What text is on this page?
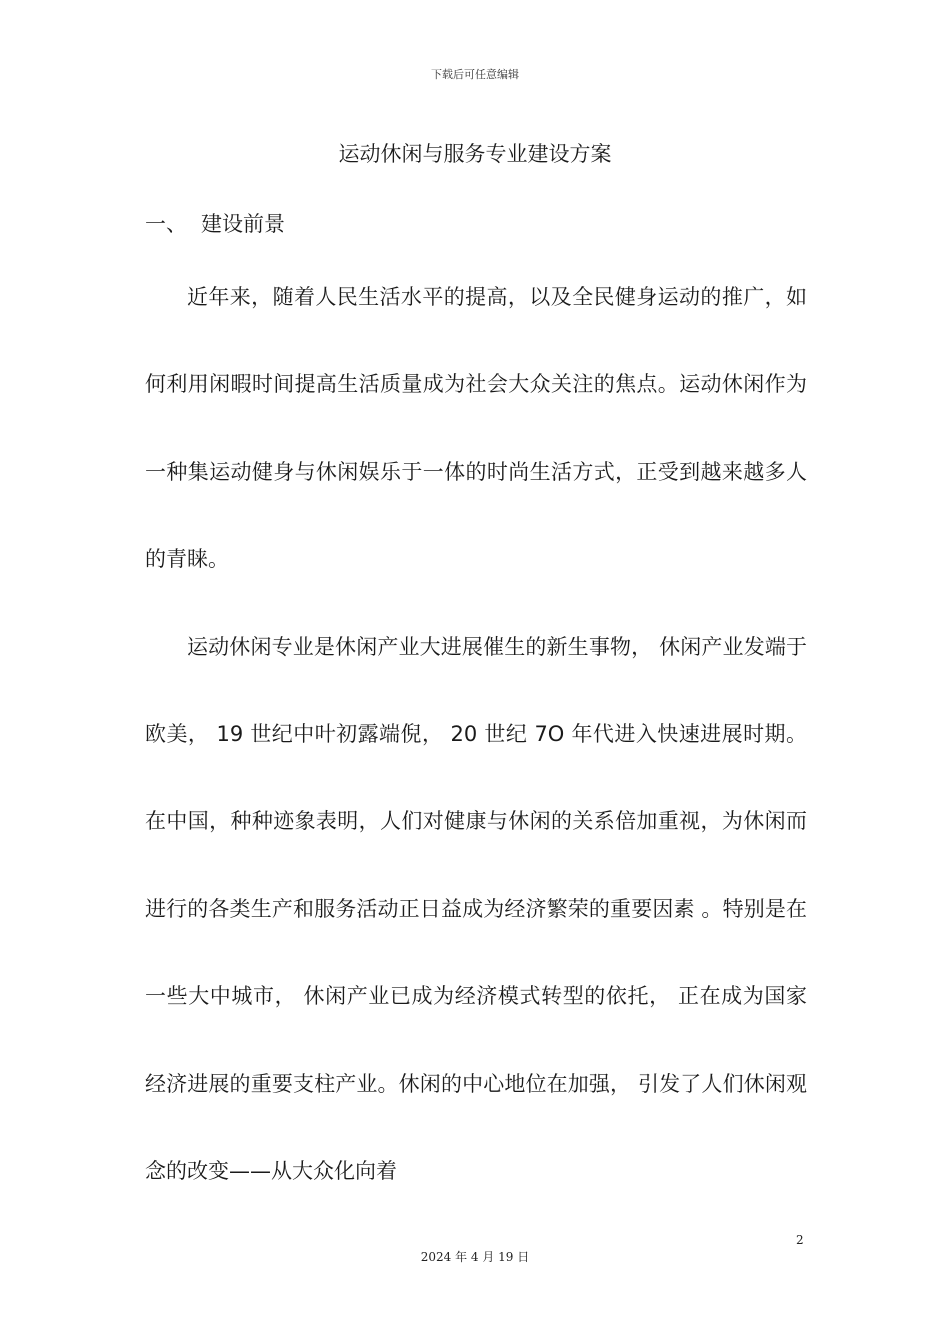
下载后可任意编辑
运动休闲与服务专业建设方案
一、 建设前景

近年来，随着人民生活水平的提高，以及全民健身运动的推广，如何利用闲暇时间提高生活质量成为社会大众关注的焦点。运动休闲作为一种集运动健身与休闲娱乐于一体的时尚生活方式，正受到越来越多人的青睐。

运动休闲专业是休闲产业大进展催生的新生事物， 休闲产业发端于欧美， 19 世纪中叶初露端倪， 20 世纪 7O 年代进入快速进展时期。在中国，种种迹象表明，人们对健康与休闲的关系倍加重视，为休闲而进行的各类生产和服务活动正日益成为经济繁荣的重要因素 。特别是在一些大中城市， 休闲产业已成为经济模式转型的依托， 正在成为国家经济进展的重要支柱产业。休闲的中心地位在加强， 引发了人们休闲观念的改变——从大众化向着

2
2024 年 4 月 19 日
